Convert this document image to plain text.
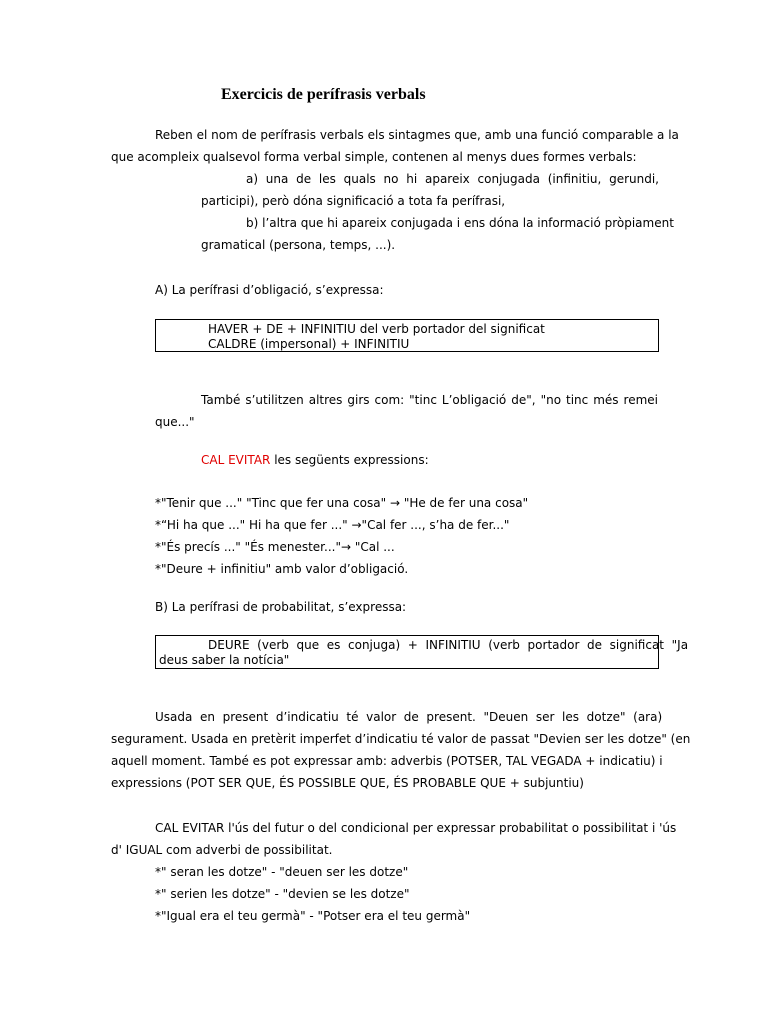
Exercicis de perífrasis verbals
Reben el nom de perífrasis verbals els sintagmes que, amb una funció comparable a la
que acompleix qualsevol forma verbal simple, contenen al menys dues formes verbals:
a)  una  de  les  quals  no  hi  apareix  conjugada  (infinitiu,  gerundi,
participi), però dóna significació a tota fa perífrasi,
b) l’altra que hi apareix conjugada i ens dóna la informació pròpiament
gramatical (persona, temps, ...).
A) La perífrasi d’obligació, s’expressa:
HAVER + DE + INFINITIU del verb portador del significat
CALDRE (impersonal) + INFINITIU
També s’utilitzen altres girs com: "tinc L’obligació de", "no tinc més remei
que..."
CAL EVITAR les següents expressions:
*"Tenir que ..." "Tinc que fer una cosa" → "He de fer una cosa"
*“Hi ha que ..." Hi ha que fer ..." →"Cal fer ..., s’ha de fer..."
*"És precís ..." "És menester..."→ "Cal ...
*"Deure + infinitiu" amb valor d’obligació.
B) La perífrasi de probabilitat, s’expressa:
DEURE  (verb  que  es  conjuga)  +  INFINITIU  (verb  portador  de  significat  "Ja
deus saber la notícia"
Usada  en  present  d’indicatiu  té  valor  de  present.  "Deuen  ser  les  dotze"  (ara)
segurament. Usada en pretèrit imperfet d’indicatiu té valor de passat "Devien ser les dotze" (en
aquell moment. També es pot expressar amb: adverbis (POTSER, TAL VEGADA + indicatiu) i
expressions (POT SER QUE, ÉS POSSIBLE QUE, ÉS PROBABLE QUE + subjuntiu)
CAL EVITAR l'ús del futur o del condicional per expressar probabilitat o possibilitat i 'ús
d' IGUAL com adverbi de possibilitat.
*" seran les dotze" - "deuen ser les dotze"
*" serien les dotze" - "devien se les dotze"
*"Igual era el teu germà" - "Potser era el teu germà"
